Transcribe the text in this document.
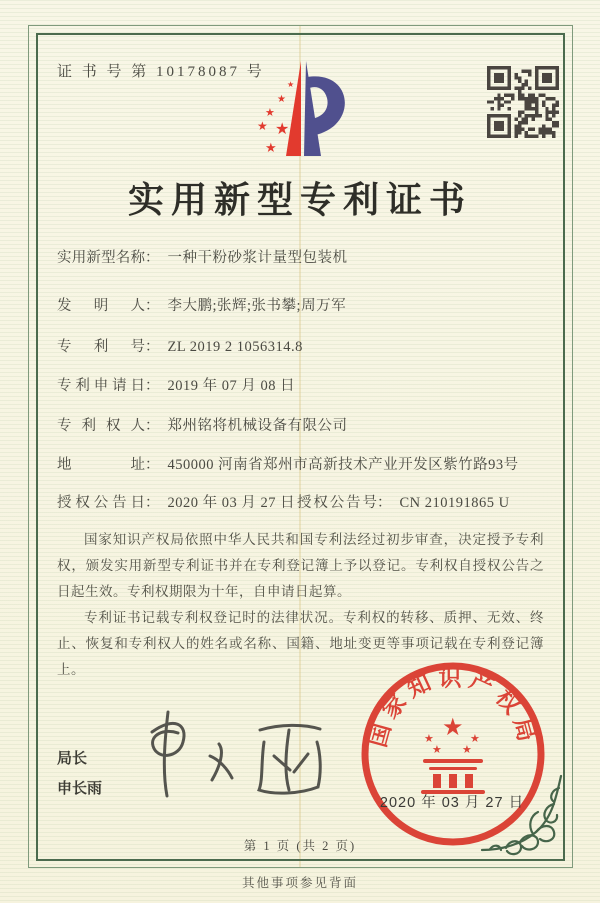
证 书 号 第 10178087 号
★
★
★
★
★
★
实用新型专利证书
实用新型名称： 一种干粉砂浆计量型包装机
发明人： 李大鹏;张辉;张书攀;周万军
专利号： ZL 2019 2 1056314.8
专利申请日： 2019 年 07 月 08 日
专利权人： 郑州铭将机械设备有限公司
地址： 450000 河南省郑州市高新技术产业开发区紫竹路93号
授权公告日： 2020 年 03 月 27 日 授权公告号： CN 210191865 U

国家知识产权局依照中华人民共和国专利法经过初步审查，决定授予专利权，颁发实用新型专利证书并在专利登记簿上予以登记。专利权自授权公告之日起生效。专利权期限为十年，自申请日起算。

专利证书记载专利权登记时的法律状况。专利权的转移、质押、无效、终止、恢复和专利权人的姓名或名称、国籍、地址变更等事项记载在专利登记簿上。

局长
申长雨
国家知识产权局
★
★	★
★ ★
2020 年 03 月 27 日
第 1 页 (共 2 页)
其他事项参见背面
